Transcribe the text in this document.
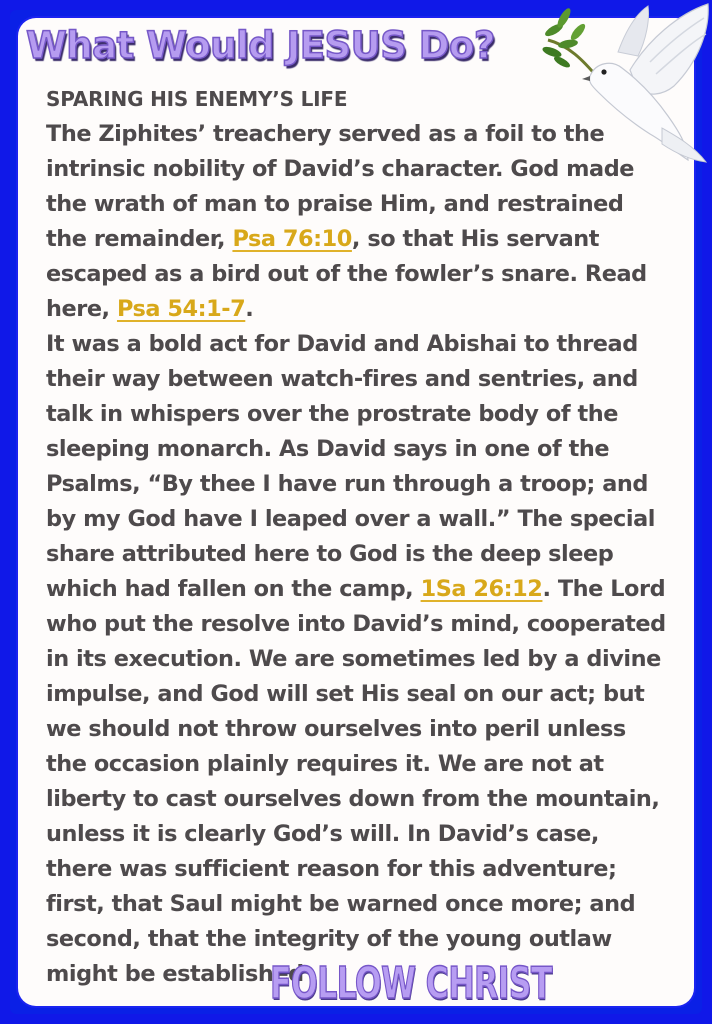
What Would JESUS Do?
SPARING HIS ENEMY’S LIFE

The Ziphites’ treachery served as a foil to the intrinsic nobility of David’s character. God made the wrath of man to praise Him, and restrained the remainder, Psa 76:10, so that His servant escaped as a bird out of the fowler’s snare. Read here, Psa 54:1-7.

It was a bold act for David and Abishai to thread their way between watch-fires and sentries, and talk in whispers over the prostrate body of the sleeping monarch. As David says in one of the Psalms, “By thee I have run through a troop; and by my God have I leaped over a wall.” The special share attributed here to God is the deep sleep which had fallen on the camp, 1Sa 26:12. The Lord who put the resolve into David’s mind, cooperated in its execution. We are sometimes led by a divine impulse, and God will set His seal on our act; but we should not throw ourselves into peril unless the occasion plainly requires it. We are not at liberty to cast ourselves down from the mountain, unless it is clearly God’s will. In David’s case, there was sufficient reason for this adventure; first, that Saul might be warned once more; and second, that the integrity of the young outlaw might be established

FOLLOW CHRIST
